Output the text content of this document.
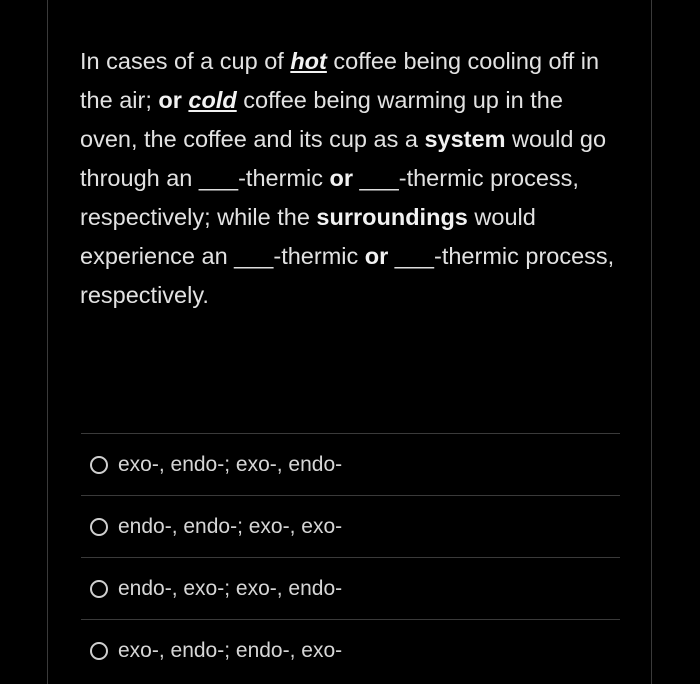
In cases of a cup of hot coffee being cooling off in the air; or cold coffee being warming up in the oven, the coffee and its cup as a system would go through an ___-thermic or ___-thermic process, respectively; while the surroundings would experience an ___-thermic or ___-thermic process, respectively.
exo-, endo-; exo-, endo-
endo-, endo-; exo-, exo-
endo-, exo-; exo-, endo-
exo-, endo-; endo-, exo-
